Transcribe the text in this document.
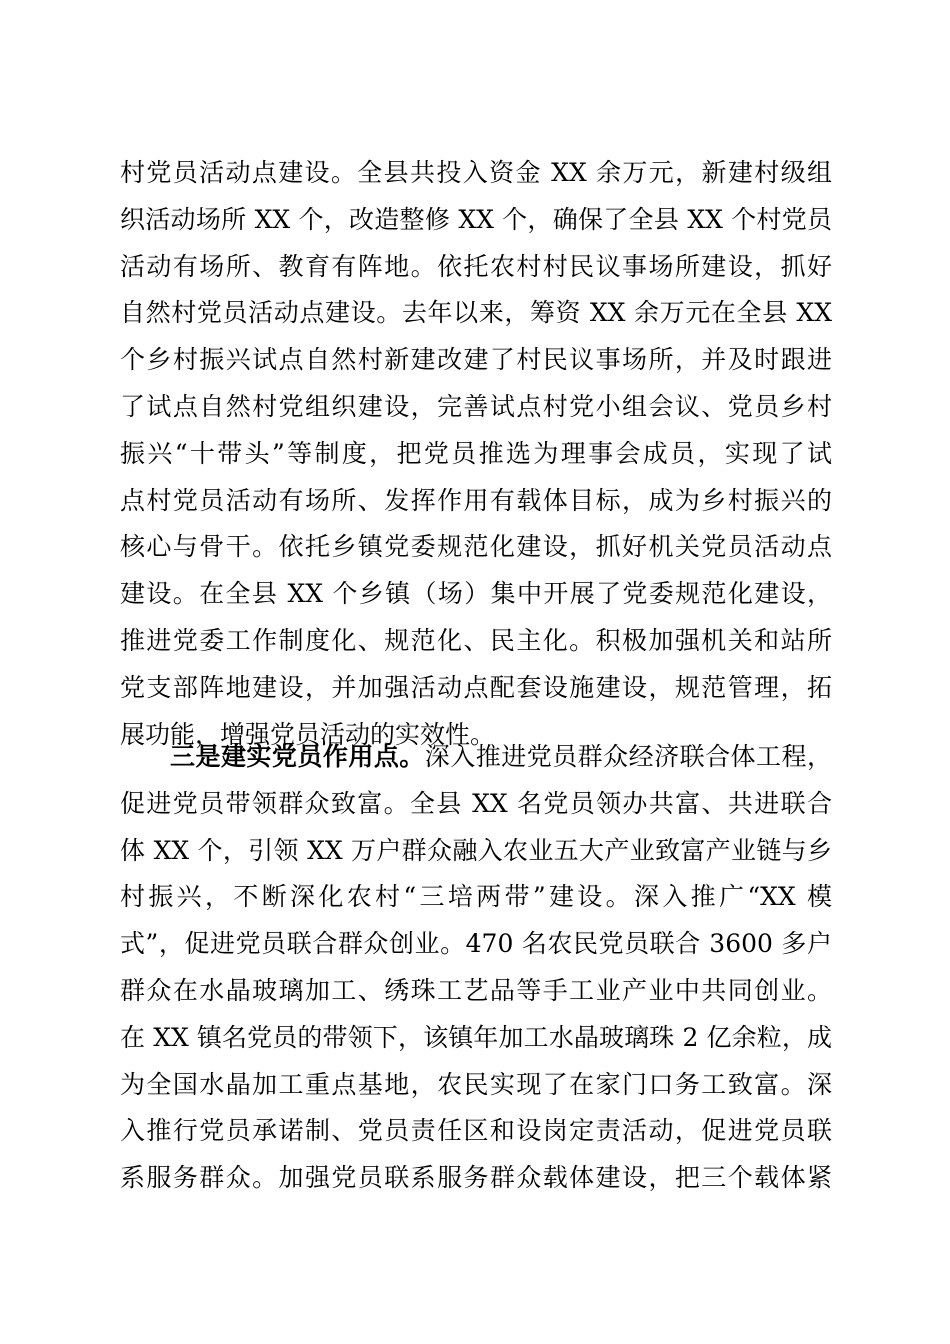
村党员活动点建设。全县共投入资金 XX 余万元，新建村级组
织活动场所 XX 个，改造整修 XX 个，确保了全县 XX 个村党员
活动有场所、教育有阵地。依托农村村民议事场所建设，抓好
自然村党员活动点建设。去年以来，筹资 XX 余万元在全县 XX
个乡村振兴试点自然村新建改建了村民议事场所，并及时跟进
了试点自然村党组织建设，完善试点村党小组会议、党员乡村
振兴“十带头”等制度，把党员推选为理事会成员，实现了试
点村党员活动有场所、发挥作用有载体目标，成为乡村振兴的
核心与骨干。依托乡镇党委规范化建设，抓好机关党员活动点
建设。在全县 XX 个乡镇（场）集中开展了党委规范化建设，
推进党委工作制度化、规范化、民主化。积极加强机关和站所
党支部阵地建设，并加强活动点配套设施建设，规范管理，拓
展功能，增强党员活动的实效性。
三是建实党员作用点。深入推进党员群众经济联合体工程，
促进党员带领群众致富。全县 XX 名党员领办共富、共进联合
体 XX 个，引领 XX 万户群众融入农业五大产业致富产业链与乡
村振兴，不断深化农村“三培两带”建设。深入推广“XX 模
式”，促进党员联合群众创业。470 名农民党员联合 3600 多户
群众在水晶玻璃加工、绣珠工艺品等手工业产业中共同创业。
在 XX 镇名党员的带领下，该镇年加工水晶玻璃珠 2 亿余粒，成
为全国水晶加工重点基地，农民实现了在家门口务工致富。深
入推行党员承诺制、党员责任区和设岗定责活动，促进党员联
系服务群众。加强党员联系服务群众载体建设，把三个载体紧
